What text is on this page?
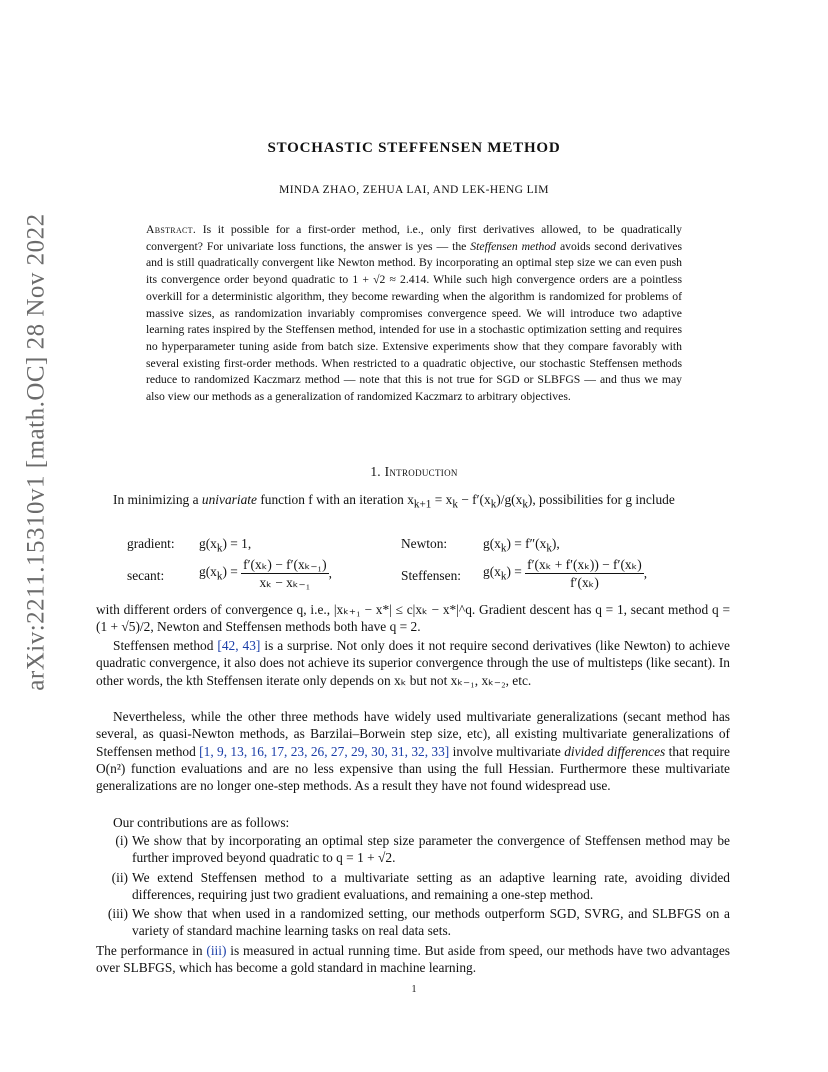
arXiv:2211.15310v1 [math.OC] 28 Nov 2022
STOCHASTIC STEFFENSEN METHOD
MINDA ZHAO, ZEHUA LAI, AND LEK-HENG LIM
Abstract. Is it possible for a first-order method, i.e., only first derivatives allowed, to be quadratically convergent? For univariate loss functions, the answer is yes — the Steffensen method avoids second derivatives and is still quadratically convergent like Newton method. By incorporating an optimal step size we can even push its convergence order beyond quadratic to 1 + √2 ≈ 2.414. While such high convergence orders are a pointless overkill for a deterministic algorithm, they become rewarding when the algorithm is randomized for problems of massive sizes, as randomization invariably compromises convergence speed. We will introduce two adaptive learning rates inspired by the Steffensen method, intended for use in a stochastic optimization setting and requires no hyperparameter tuning aside from batch size. Extensive experiments show that they compare favorably with several existing first-order methods. When restricted to a quadratic objective, our stochastic Steffensen methods reduce to randomized Kaczmarz method — note that this is not true for SGD or SLBFGS — and thus we may also view our methods as a generalization of randomized Kaczmarz to arbitrary objectives.
1. Introduction
In minimizing a univariate function f with an iteration $x_{k+1} = x_k - f'(x_k)/g(x_k)$, possibilities for g include
gradient: $g(x_k) = 1$,	Newton:	$g(x_k) = f''(x_k)$,
secant:	$g(x_k) = \frac{\text{f′(xₖ) − f′(xₖ₋₁)}}{\text{xₖ − xₖ₋₁}}$ ,	Steffensen: $g(x_k) = \frac{\text{f′(xₖ + f′(xₖ)) − f′(xₖ)}}{\text{f′(xₖ)}}$ ,
with different orders of convergence q, i.e., |xₖ₊₁ − x*| ≤ c|xₖ − x*|^q. Gradient descent has q = 1, secant method q = (1 + √5)/2, Newton and Steffensen methods both have q = 2.
Steffensen method [42, 43] is a surprise. Not only does it not require second derivatives (like Newton) to achieve quadratic convergence, it also does not achieve its superior convergence through the use of multisteps (like secant). In other words, the kth Steffensen iterate only depends on xₖ but not xₖ₋₁, xₖ₋₂, etc.
Nevertheless, while the other three methods have widely used multivariate generalizations (secant method has several, as quasi-Newton methods, as Barzilai–Borwein step size, etc), all existing multivariate generalizations of Steffensen method [1, 9, 13, 16, 17, 23, 26, 27, 29, 30, 31, 32, 33] involve multivariate divided differences that require O(n²) function evaluations and are no less expensive than using the full Hessian. Furthermore these multivariate generalizations are no longer one-step methods. As a result they have not found widespread use.
Our contributions are as follows:
(i) We show that by incorporating an optimal step size parameter the convergence of Steffensen method may be further improved beyond quadratic to q = 1 + √2.
(ii) We extend Steffensen method to a multivariate setting as an adaptive learning rate, avoiding divided differences, requiring just two gradient evaluations, and remaining a one-step method.
(iii) We show that when used in a randomized setting, our methods outperform SGD, SVRG, and SLBFGS on a variety of standard machine learning tasks on real data sets.
The performance in (iii) is measured in actual running time. But aside from speed, our methods have two advantages over SLBFGS, which has become a gold standard in machine learning.
1
